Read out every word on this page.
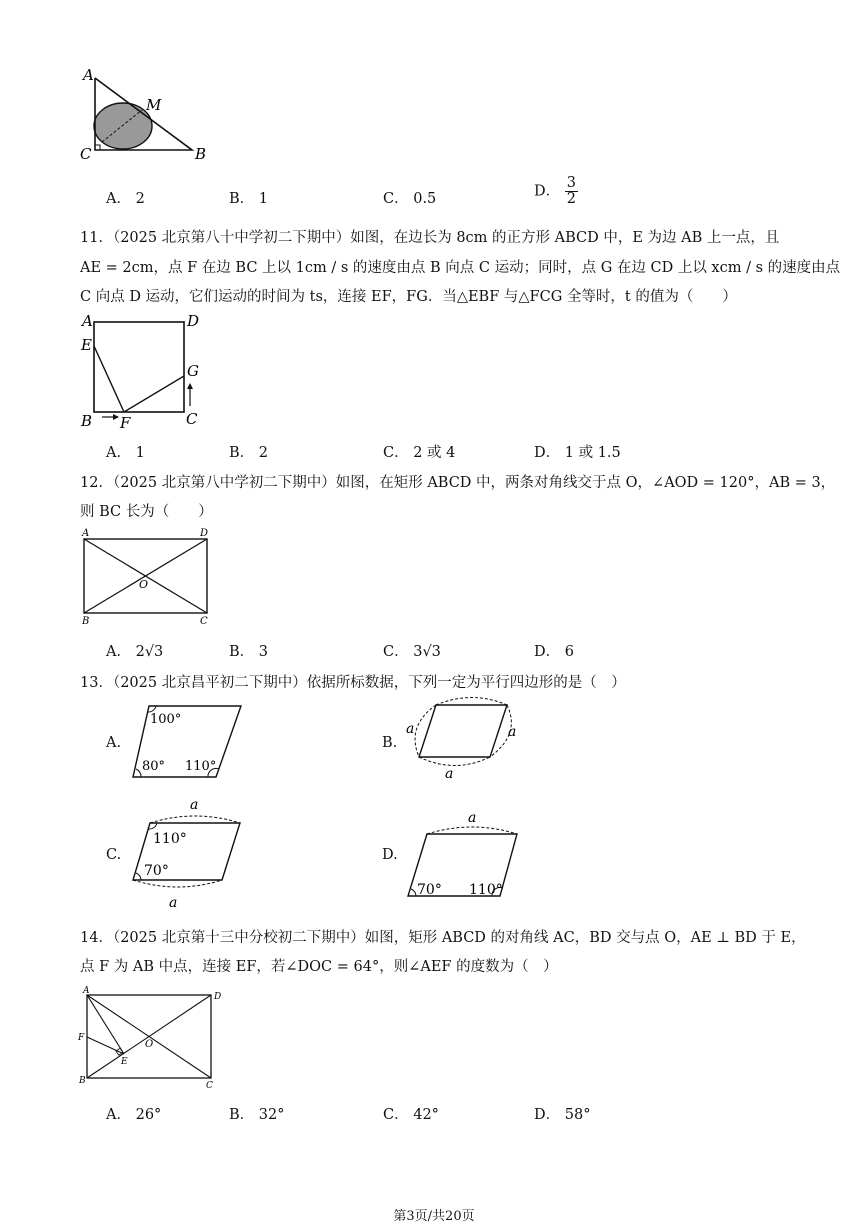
A
M
C	B
A． 2	B． 1	C． 0.5	D． $\frac{3}{2}$
11．（2025 北京第八十中学初二下期中）如图，在边长为 8cm 的正方形 ABCD 中，E 为边 AB 上一点，且
AE = 2cm，点 F 在边 BC 上以 1cm / s 的速度由点 B 向点 C 运动；同时，点 G 在边 CD 上以 xcm / s 的速度由点
C 向点 D 运动，它们运动的时间为 ts，连接 EF，FG．当△EBF 与△FCG 全等时，t 的值为（　　）
A	D
E
G
B F	C
A． 1	B． 2	C． 2 或 4	D． 1 或 1.5
12．（2025 北京第八中学初二下期中）如图，在矩形 ABCD 中，两条对角线交于点 O，∠AOD = 120°，AB = 3，
则 BC 长为（　　）
A	D
O
B	C
A． 2√3	B． 3	C． 3√3	D． 6
13．（2025 北京昌平初二下期中）依据所标数据，下列一定为平行四边形的是（　）
A.
100°
80° 110°
B.
a	a
a
C.
a
110°
70°
a
D.
a
70° 110°
14．（2025 北京第十三中分校初二下期中）如图，矩形 ABCD 的对角线 AC，BD 交与点 O，AE ⊥ BD 于 E，
点 F 为 AB 中点，连接 EF，若∠DOC = 64°，则∠AEF 的度数为（　）
A
D
F
O
E
B	C
A． 26°	B． 32°	C． 42°	D． 58°
第3页/共20页
